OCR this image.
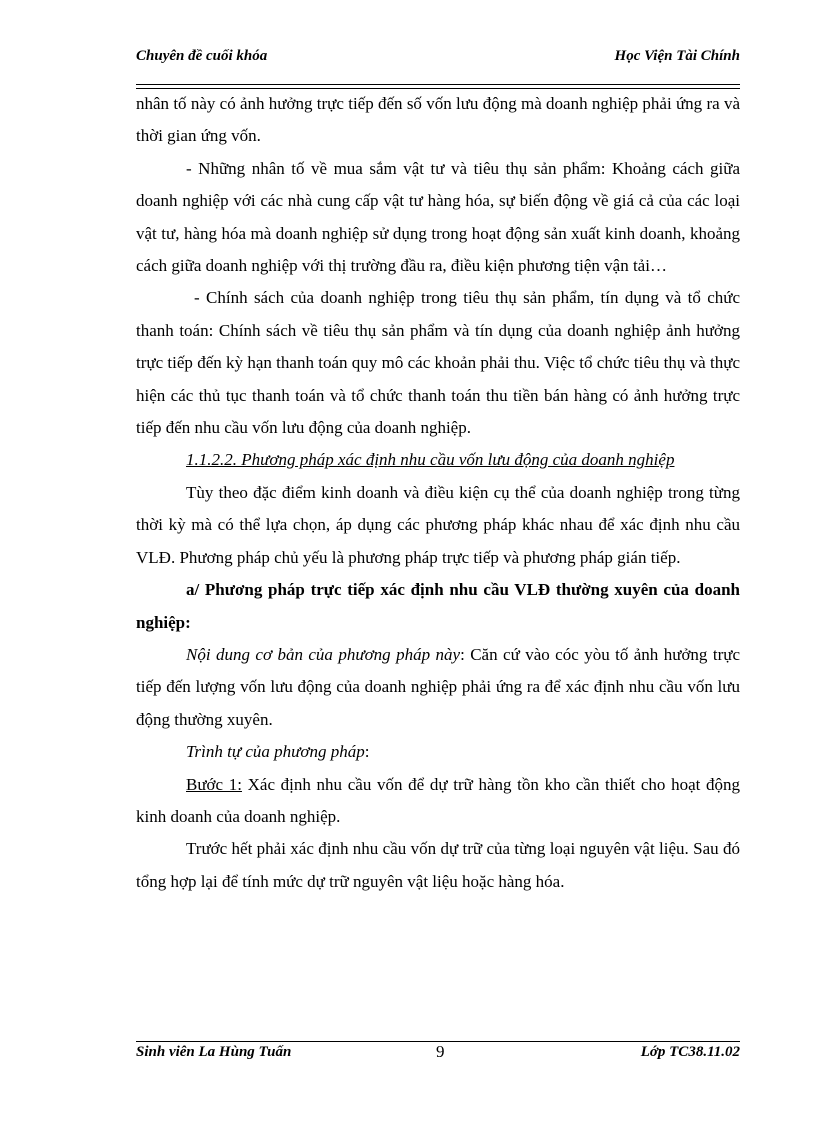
Chuyên đề cuối khóa	Học Viện Tài Chính

nhân tố này có ảnh hưởng trực tiếp đến số vốn lưu động mà doanh nghiệp phải ứng ra và thời gian ứng vốn.

- Những nhân tố về mua sắm vật tư và tiêu thụ sản phẩm: Khoảng cách giữa doanh nghiệp với các nhà cung cấp vật tư hàng hóa, sự biến động về giá cả của các loại vật tư, hàng hóa mà doanh nghiệp sử dụng trong hoạt động sản xuất kinh doanh, khoảng cách giữa doanh nghiệp với thị trường đầu ra, điều kiện phương tiện vận tải…

- Chính sách của doanh nghiệp trong tiêu thụ sản phẩm, tín dụng và tổ chức thanh toán: Chính sách về tiêu thụ sản phẩm và tín dụng của doanh nghiệp ảnh hưởng trực tiếp đến kỳ hạn thanh toán quy mô các khoản phải thu. Việc tổ chức tiêu thụ và thực hiện các thủ tục thanh toán và tổ chức thanh toán thu tiền bán hàng có ảnh hưởng trực tiếp đến nhu cầu vốn lưu động của doanh nghiệp.

1.1.2.2. Phương pháp xác định nhu cầu vốn lưu động của doanh nghiệp

Tùy theo đặc điểm kinh doanh và điều kiện cụ thể của doanh nghiệp trong từng thời kỳ mà có thể lựa chọn, áp dụng các phương pháp khác nhau để xác định nhu cầu VLĐ. Phương pháp chủ yếu là phương pháp trực tiếp và phương pháp gián tiếp.

a/ Phương pháp trực tiếp xác định nhu cầu VLĐ thường xuyên của doanh nghiệp:

Nội dung cơ bản của phương pháp này: Căn cứ vào cóc yòu tố ảnh hưởng trực tiếp đến lượng vốn lưu động của doanh nghiệp phải ứng ra để xác định nhu cầu vốn lưu động thường xuyên.

Trình tự của phương pháp:

Bước 1: Xác định nhu cầu vốn để dự trữ hàng tồn kho cần thiết cho hoạt động kinh doanh của doanh nghiệp.

Trước hết phải xác định nhu cầu vốn dự trữ của từng loại nguyên vật liệu. Sau đó tổng hợp lại để tính mức dự trữ nguyên vật liệu hoặc hàng hóa.

Sinh viên La Hùng Tuấn	9	Lớp TC38.11.02
